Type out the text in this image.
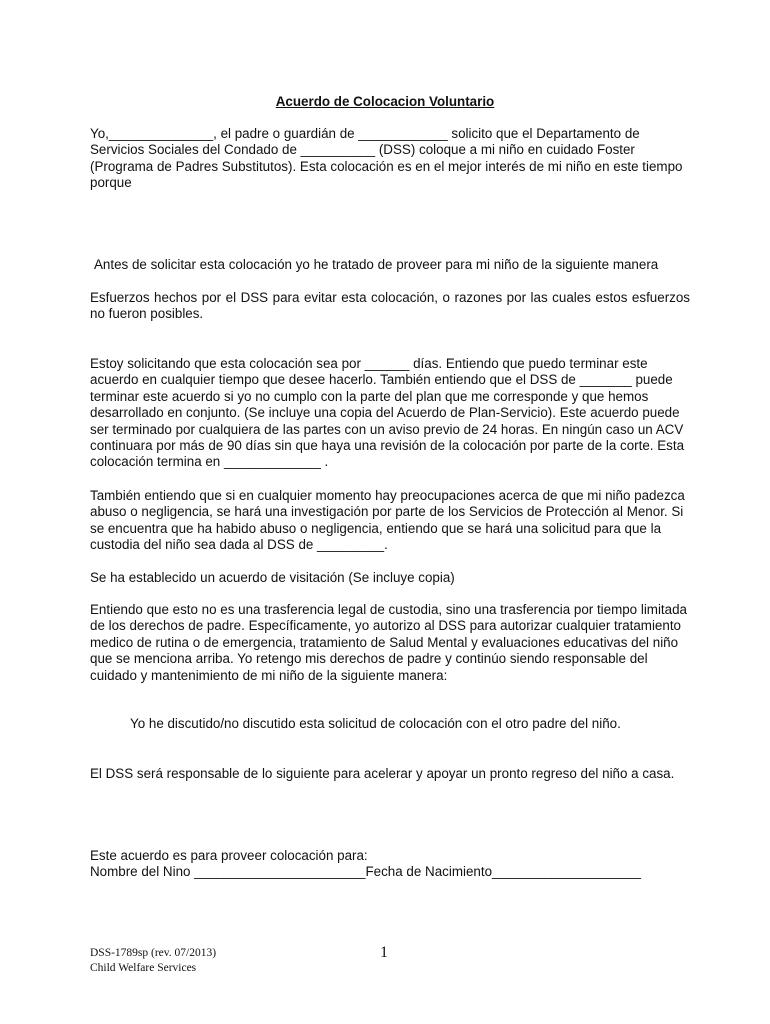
Acuerdo de Colocacion Voluntario

Yo,______________, el padre o guardián de ____________ solicito que el Departamento de Servicios Sociales del Condado de __________ (DSS) coloque a mi niño en cuidado Foster (Programa de Padres Substitutos). Esta colocación es en el mejor interés de mi niño en este tiempo porque

Antes de solicitar esta colocación yo he tratado de proveer para mi niño de la siguiente manera

Esfuerzos hechos por el DSS para evitar esta colocación, o razones por las cuales estos esfuerzos no fueron posibles.

Estoy solicitando que esta colocación sea por ______ días. Entiendo que puedo terminar este acuerdo en cualquier tiempo que desee hacerlo. También entiendo que el DSS de _______ puede terminar este acuerdo si yo no cumplo con la parte del plan que me corresponde y que hemos desarrollado en conjunto. (Se incluye una copia del Acuerdo de Plan-Servicio). Este acuerdo puede ser terminado por cualquiera de las partes con un aviso previo de 24 horas. En ningún caso un ACV continuara por más de 90 días sin que haya una revisión de la colocación por parte de la corte. Esta colocación termina en _____________ .

También entiendo que si en cualquier momento hay preocupaciones acerca de que mi niño padezca abuso o negligencia, se hará una investigación por parte de los Servicios de Protección al Menor. Si se encuentra que ha habido abuso o negligencia, entiendo que se hará una solicitud para que la custodia del niño sea dada al DSS de _________.

Se ha establecido un acuerdo de visitación (Se incluye copia)

Entiendo que esto no es una trasferencia legal de custodia, sino una trasferencia por tiempo limitada de los derechos de padre. Específicamente, yo autorizo al DSS para autorizar cualquier tratamiento medico de rutina o de emergencia, tratamiento de Salud Mental y evaluaciones educativas del niño que se menciona arriba. Yo retengo mis derechos de padre y continúo siendo responsable del cuidado y mantenimiento de mi niño de la siguiente manera:

Yo he discutido/no discutido esta solicitud de colocación con el otro padre del niño.

El DSS será responsable de lo siguiente para acelerar y apoyar un pronto regreso del niño a casa.

Este acuerdo es para proveer colocación para:

Nombre del Nino _______________________Fecha de Nacimiento____________________

DSS-1789sp (rev. 07/2013)
Child Welfare Services
1
